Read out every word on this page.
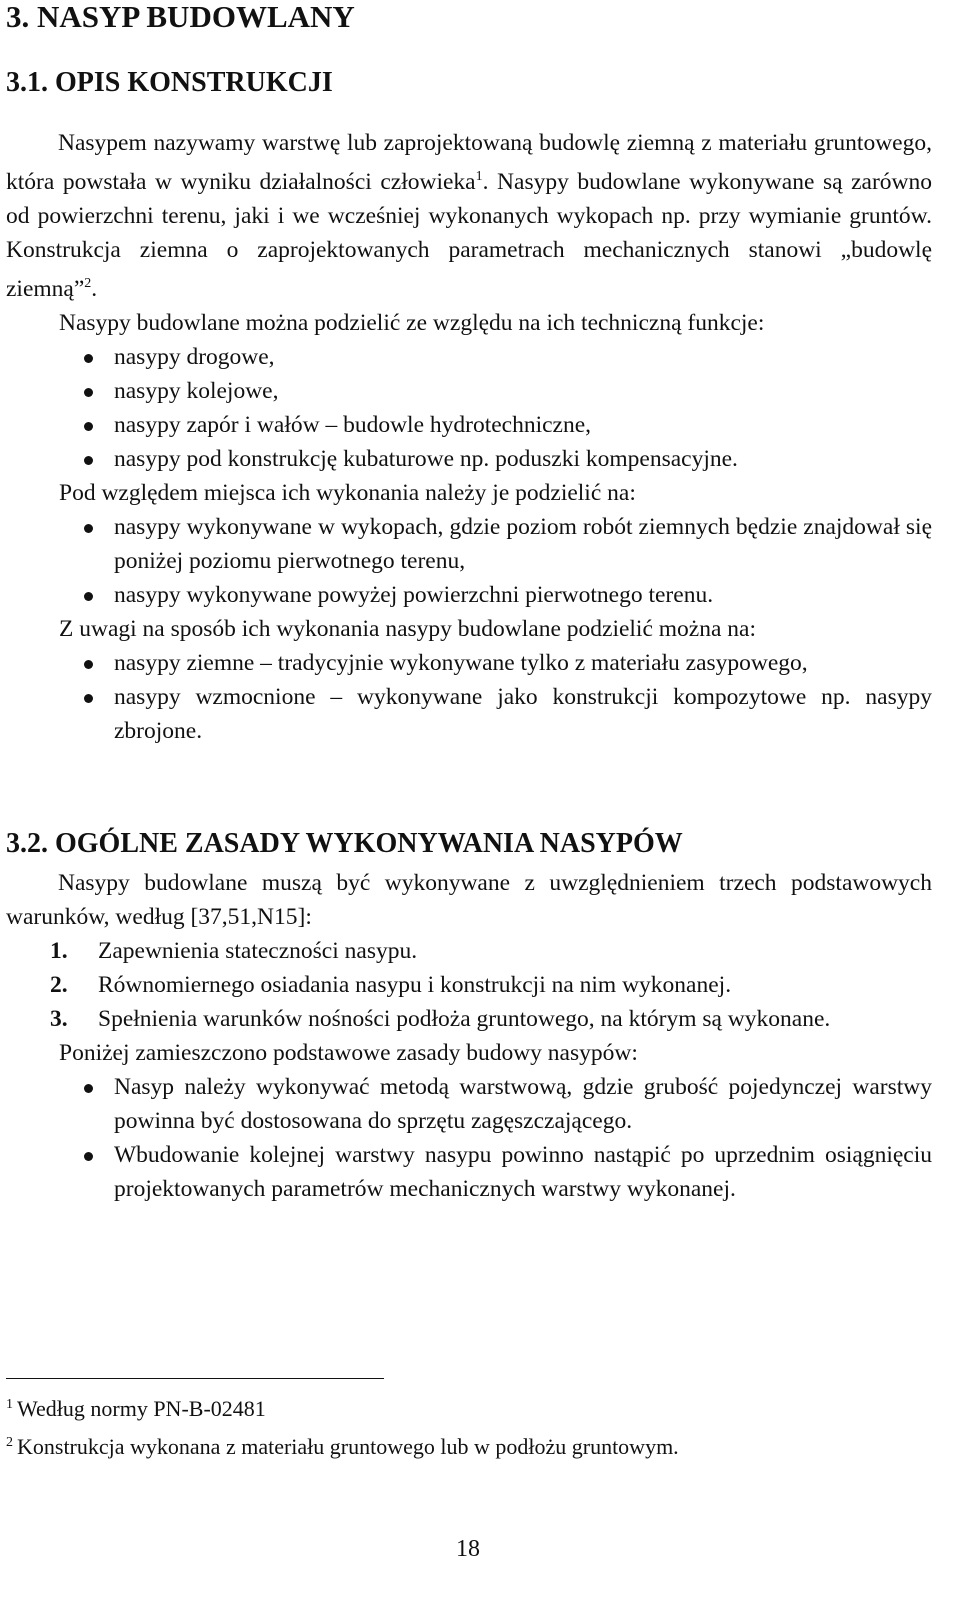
3. NASYP BUDOWLANY
3.1. OPIS KONSTRUKCJI

Nasypem nazywamy warstwę lub zaprojektowaną budowlę ziemną z materiału gruntowego, która powstała w wyniku działalności człowieka$^1$. Nasypy budowlane wykonywane są zarówno od powierzchni terenu, jaki i we wcześniej wykonanych wykopach np. przy wymianie gruntów. Konstrukcja ziemna o zaprojektowanych parametrach mechanicznych stanowi „budowlę ziemną”$^2$.

Nasypy budowlane można podzielić ze względu na ich techniczną funkcje:

nasypy drogowe,
nasypy kolejowe,
nasypy zapór i wałów – budowle hydrotechniczne,
nasypy pod konstrukcję kubaturowe np. poduszki kompensacyjne.

Pod względem miejsca ich wykonania należy je podzielić na:

nasypy wykonywane w wykopach, gdzie poziom robót ziemnych będzie znajdował się poniżej poziomu pierwotnego terenu,
nasypy wykonywane powyżej powierzchni pierwotnego terenu.

Z uwagi na sposób ich wykonania nasypy budowlane podzielić można na:

nasypy ziemne – tradycyjnie wykonywane tylko z materiału zasypowego,
nasypy wzmocnione – wykonywane jako konstrukcji kompozytowe np. nasypy zbrojone.
3.2. OGÓLNE ZASADY WYKONYWANIA NASYPÓW

Nasypy budowlane muszą być wykonywane z uwzględnieniem trzech podstawowych warunków, według [37,51,N15]:

1. Zapewnienia stateczności nasypu.
2. Równomiernego osiadania nasypu i konstrukcji na nim wykonanej.
3. Spełnienia warunków nośności podłoża gruntowego, na którym są wykonane.

Poniżej zamieszczono podstawowe zasady budowy nasypów:

Nasyp należy wykonywać metodą warstwową, gdzie grubość pojedynczej warstwy powinna być dostosowana do sprzętu zagęszczającego.
Wbudowanie kolejnej warstwy nasypu powinno nastąpić po uprzednim osiągnięciu projektowanych parametrów mechanicznych warstwy wykonanej.

$^1$ Według normy PN-B-02481

$^2$ Konstrukcja wykonana z materiału gruntowego lub w podłożu gruntowym.

18
